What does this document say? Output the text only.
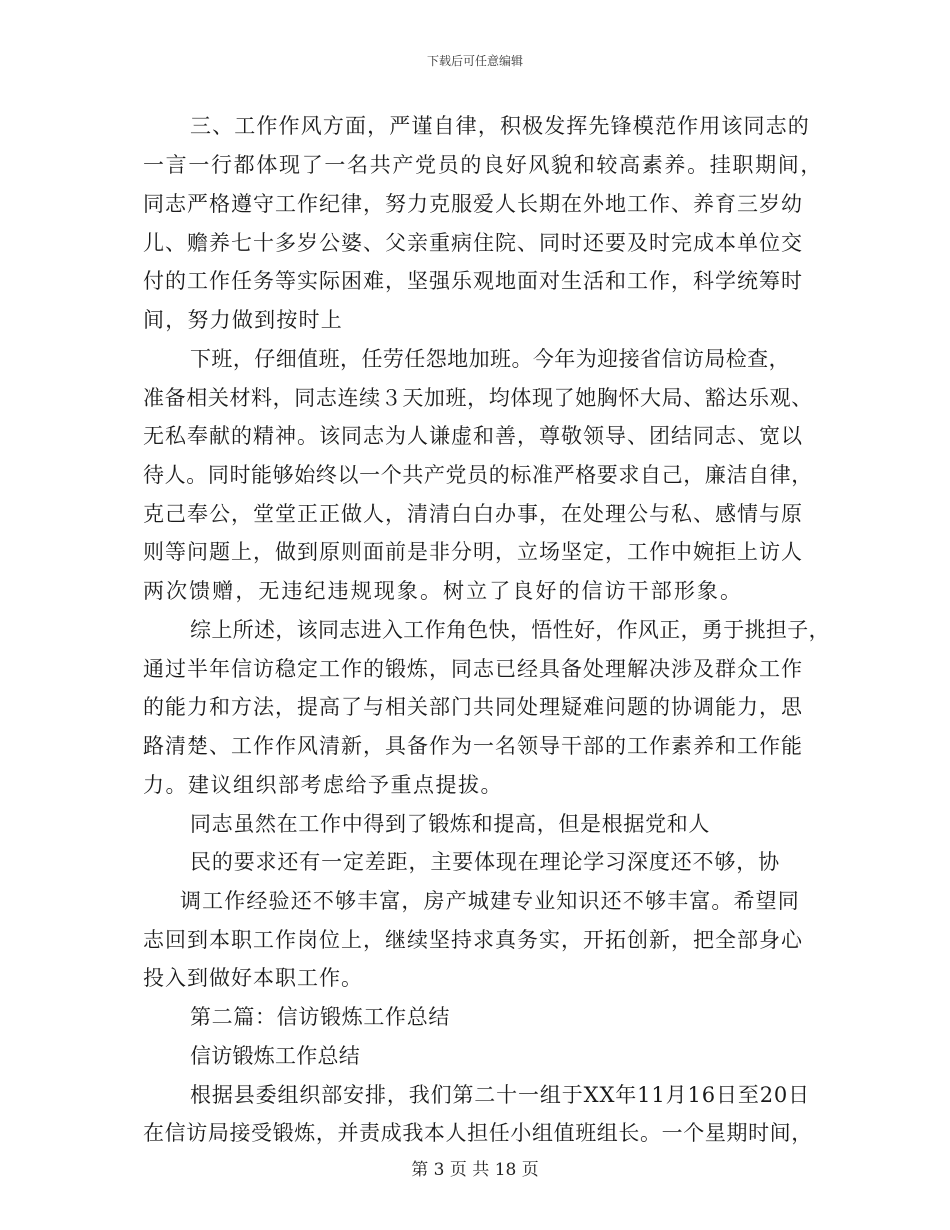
下载后可任意编辑
三、工作作风方面，严谨自律，积极发挥先锋模范作用该同志的
一言一行都体现了一名共产党员的良好风貌和较高素养。挂职期间，
同志严格遵守工作纪律，努力克服爱人长期在外地工作、养育三岁幼
儿、赡养七十多岁公婆、父亲重病住院、同时还要及时完成本单位交
付的工作任务等实际困难，坚强乐观地面对生活和工作，科学统筹时
间，努力做到按时上
下班，仔细值班，任劳任怨地加班。今年为迎接省信访局检查，
准备相关材料，同志连续３天加班，均体现了她胸怀大局、豁达乐观、
无私奉献的精神。该同志为人谦虚和善，尊敬领导、团结同志、宽以
待人。同时能够始终以一个共产党员的标准严格要求自己，廉洁自律，
克己奉公，堂堂正正做人，清清白白办事，在处理公与私、感情与原
则等问题上，做到原则面前是非分明，立场坚定，工作中婉拒上访人
两次馈赠，无违纪违规现象。树立了良好的信访干部形象。
综上所述，该同志进入工作角色快，悟性好，作风正，勇于挑担子，
通过半年信访稳定工作的锻炼，同志已经具备处理解决涉及群众工作
的能力和方法，提高了与相关部门共同处理疑难问题的协调能力，思
路清楚、工作作风清新，具备作为一名领导干部的工作素养和工作能
力。建议组织部考虑给予重点提拔。
同志虽然在工作中得到了锻炼和提高，但是根据党和人
民的要求还有一定差距，主要体现在理论学习深度还不够，协
调工作经验还不够丰富，房产城建专业知识还不够丰富。希望同
志回到本职工作岗位上，继续坚持求真务实，开拓创新，把全部身心
投入到做好本职工作。
第二篇：信访锻炼工作总结
信访锻炼工作总结
根据县委组织部安排，我们第二十一组于XX年11月16日至20日
在信访局接受锻炼，并责成我本人担任小组值班组长。一个星期时间，
第 3 页 共 18 页
